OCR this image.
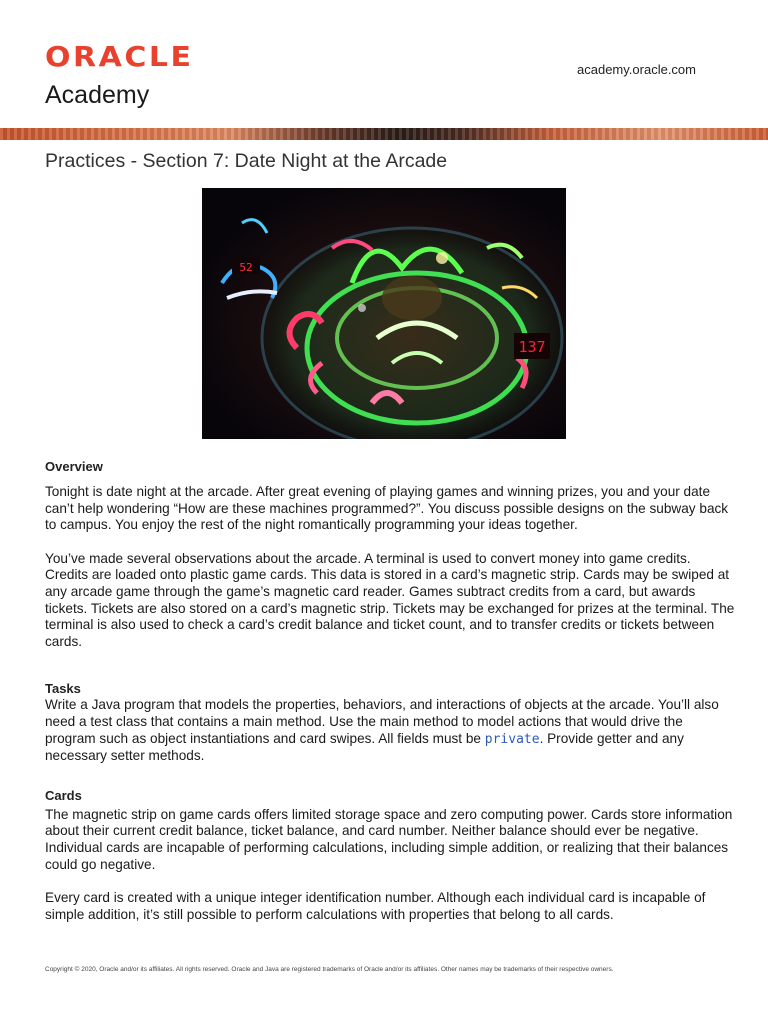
ORACLE
Academy
academy.oracle.com
Practices - Section 7: Date Night at the Arcade
52
137
Overview

Tonight is date night at the arcade. After great evening of playing games and winning prizes, you and your date can’t help wondering “How are these machines programmed?”. You discuss possible designs on the subway back to campus. You enjoy the rest of the night romantically programming your ideas together.

You’ve made several observations about the arcade. A terminal is used to convert money into game credits. Credits are loaded onto plastic game cards. This data is stored in a card’s magnetic strip. Cards may be swiped at any arcade game through the game’s magnetic card reader. Games subtract credits from a card, but awards tickets. Tickets are also stored on a card’s magnetic strip. Tickets may be exchanged for prizes at the terminal. The terminal is also used to check a card’s credit balance and ticket count, and to transfer credits or tickets between cards.

Tasks

Write a Java program that models the properties, behaviors, and interactions of objects at the arcade. You’ll also need a test class that contains a main method. Use the main method to model actions that would drive the program such as object instantiations and card swipes. All fields must be private. Provide getter and any necessary setter methods.

Cards

The magnetic strip on game cards offers limited storage space and zero computing power. Cards store information about their current credit balance, ticket balance, and card number. Neither balance should ever be negative. Individual cards are incapable of performing calculations, including simple addition, or realizing that their balances could go negative.

Every card is created with a unique integer identification number. Although each individual card is incapable of simple addition, it’s still possible to perform calculations with properties that belong to all cards.

Copyright © 2020, Oracle and/or its affiliates. All rights reserved. Oracle and Java are registered trademarks of Oracle and/or its affiliates. Other names may be trademarks of their respective owners.
